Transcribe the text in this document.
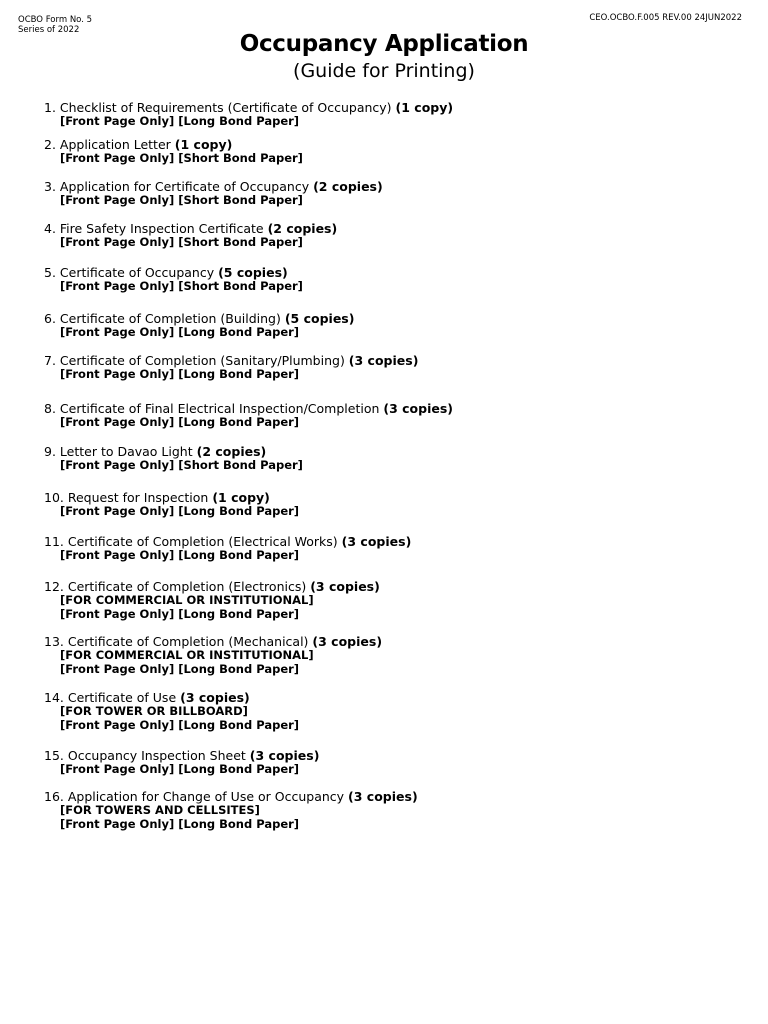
OCBO Form No. 5
Series of 2022
CEO.OCBO.F.005 REV.00 24JUN2022
Occupancy Application
(Guide for Printing)
1. Checklist of Requirements (Certificate of Occupancy) (1 copy)
[Front Page Only] [Long Bond Paper]
2. Application Letter (1 copy)
[Front Page Only] [Short Bond Paper]
3. Application for Certificate of Occupancy (2 copies)
[Front Page Only] [Short Bond Paper]
4. Fire Safety Inspection Certificate (2 copies)
[Front Page Only] [Short Bond Paper]
5. Certificate of Occupancy (5 copies)
[Front Page Only] [Short Bond Paper]
6. Certificate of Completion (Building) (5 copies)
[Front Page Only] [Long Bond Paper]
7. Certificate of Completion (Sanitary/Plumbing) (3 copies)
[Front Page Only] [Long Bond Paper]
8. Certificate of Final Electrical Inspection/Completion (3 copies)
[Front Page Only] [Long Bond Paper]
9. Letter to Davao Light (2 copies)
[Front Page Only] [Short Bond Paper]
10. Request for Inspection (1 copy)
[Front Page Only] [Long Bond Paper]
11. Certificate of Completion (Electrical Works) (3 copies)
[Front Page Only] [Long Bond Paper]
12. Certificate of Completion (Electronics) (3 copies)
[FOR COMMERCIAL OR INSTITUTIONAL]
[Front Page Only] [Long Bond Paper]
13. Certificate of Completion (Mechanical) (3 copies)
[FOR COMMERCIAL OR INSTITUTIONAL]
[Front Page Only] [Long Bond Paper]
14. Certificate of Use (3 copies)
[FOR TOWER OR BILLBOARD]
[Front Page Only] [Long Bond Paper]
15. Occupancy Inspection Sheet (3 copies)
[Front Page Only] [Long Bond Paper]
16. Application for Change of Use or Occupancy (3 copies)
[FOR TOWERS AND CELLSITES]
[Front Page Only] [Long Bond Paper]
